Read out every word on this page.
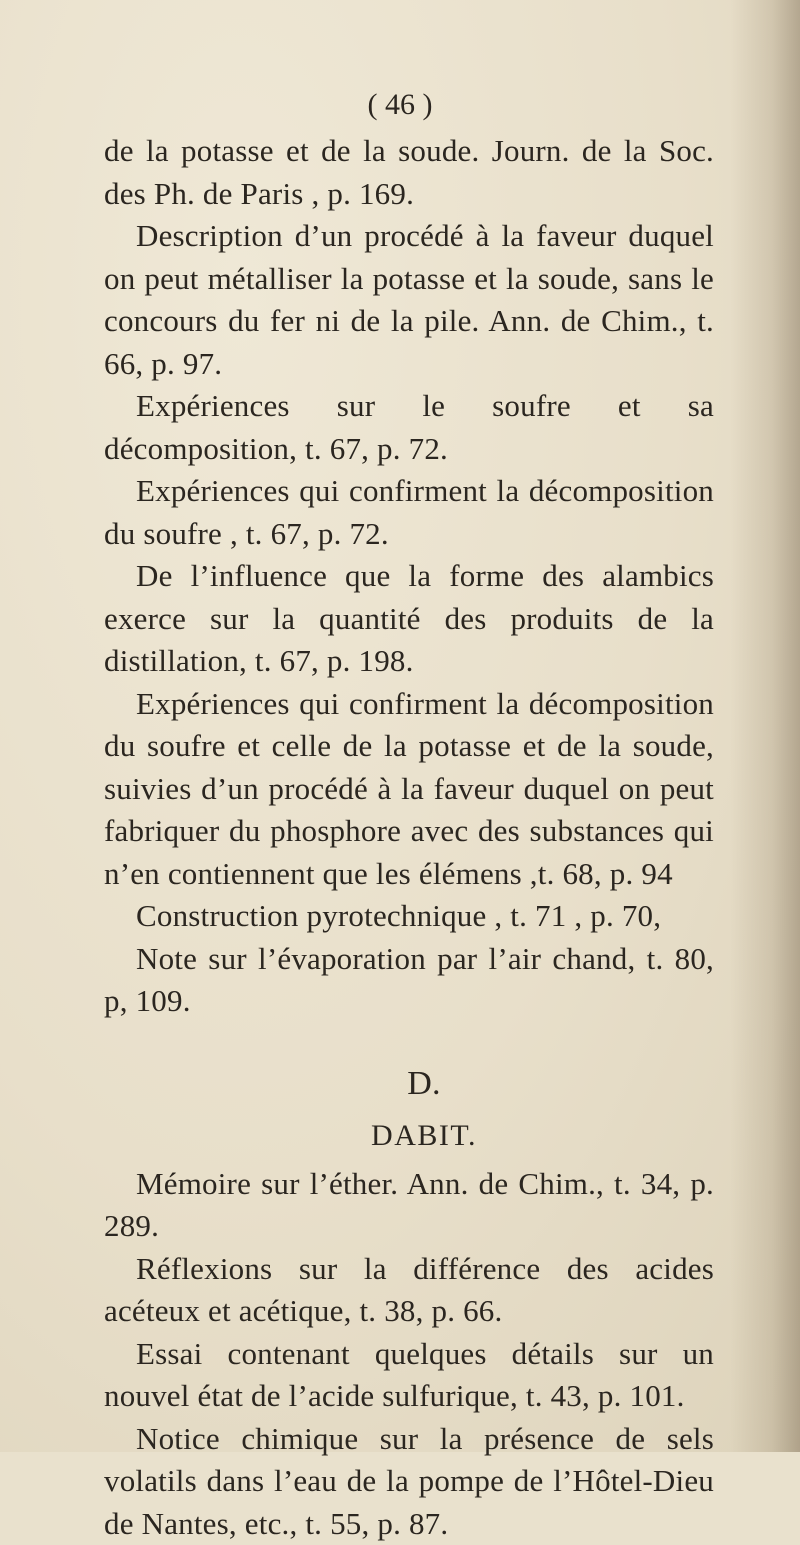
( 46 )

de la potasse et de la soude. Journ. de la Soc. des Ph. de Paris , p. 169.

Description d’un procédé à la faveur duquel on peut métalliser la potasse et la soude, sans le concours du fer ni de la pile. Ann. de Chim., t. 66, p. 97.

Expériences sur le soufre et sa décomposition, t. 67, p. 72.

Expériences qui confirment la décomposition du soufre , t. 67, p. 72.

De l’influence que la forme des alambics exerce sur la quantité des produits de la distillation, t. 67, p. 198.

Expériences qui confirment la décomposition du soufre et celle de la potasse et de la soude, suivies d’un procédé à la faveur duquel on peut fabriquer du phosphore avec des substances qui n’en contiennent que les élémens ,t. 68, p. 94

Construction pyrotechnique , t. 71 , p. 70,

Note sur l’évaporation par l’air chand, t. 80, p, 109.

D.
DABIT.

Mémoire sur l’éther. Ann. de Chim., t. 34, p. 289.

Réflexions sur la différence des acides acéteux et acétique, t. 38, p. 66.

Essai contenant quelques détails sur un nouvel état de l’acide sulfurique, t. 43, p. 101.

Notice chimique sur la présence de sels volatils dans l’eau de la pompe de l’Hôtel-Dieu de Nantes, etc., t. 55, p. 87.
